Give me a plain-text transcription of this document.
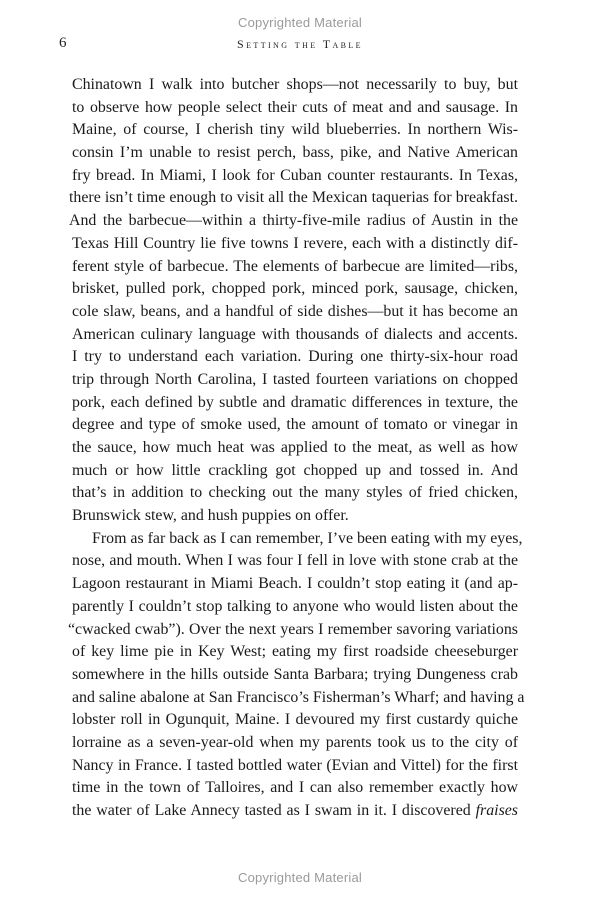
Copyrighted Material
6	Setting the Table
Chinatown I walk into butcher shops—not necessarily to buy, but
to observe how people select their cuts of meat and and sausage. In
Maine, of course, I cherish tiny wild blueberries. In northern Wis-
consin I’m unable to resist perch, bass, pike, and Native American
fry bread. In Miami, I look for Cuban counter restaurants. In Texas,
there isn’t time enough to visit all the Mexican taquerias for breakfast.
And the barbecue—within a thirty-five-mile radius of Austin in the
Texas Hill Country lie five towns I revere, each with a distinctly dif-
ferent style of barbecue. The elements of barbecue are limited—ribs,
brisket, pulled pork, chopped pork, minced pork, sausage, chicken,
cole slaw, beans, and a handful of side dishes—but it has become an
American culinary language with thousands of dialects and accents.
I try to understand each variation. During one thirty-six-hour road
trip through North Carolina, I tasted fourteen variations on chopped
pork, each defined by subtle and dramatic differences in texture, the
degree and type of smoke used, the amount of tomato or vinegar in
the sauce, how much heat was applied to the meat, as well as how
much or how little crackling got chopped up and tossed in. And
that’s in addition to checking out the many styles of fried chicken,
Brunswick stew, and hush puppies on offer.
From as far back as I can remember, I’ve been eating with my eyes,
nose, and mouth. When I was four I fell in love with stone crab at the
Lagoon restaurant in Miami Beach. I couldn’t stop eating it (and ap-
parently I couldn’t stop talking to anyone who would listen about the
“cwacked cwab”). Over the next years I remember savoring variations
of key lime pie in Key West; eating my first roadside cheeseburger
somewhere in the hills outside Santa Barbara; trying Dungeness crab
and saline abalone at San Francisco’s Fisherman’s Wharf; and having a
lobster roll in Ogunquit, Maine. I devoured my first custardy quiche
lorraine as a seven-year-old when my parents took us to the city of
Nancy in France. I tasted bottled water (Evian and Vittel) for the first
time in the town of Talloires, and I can also remember exactly how
the water of Lake Annecy tasted as I swam in it. I discovered fraises
Copyrighted Material
